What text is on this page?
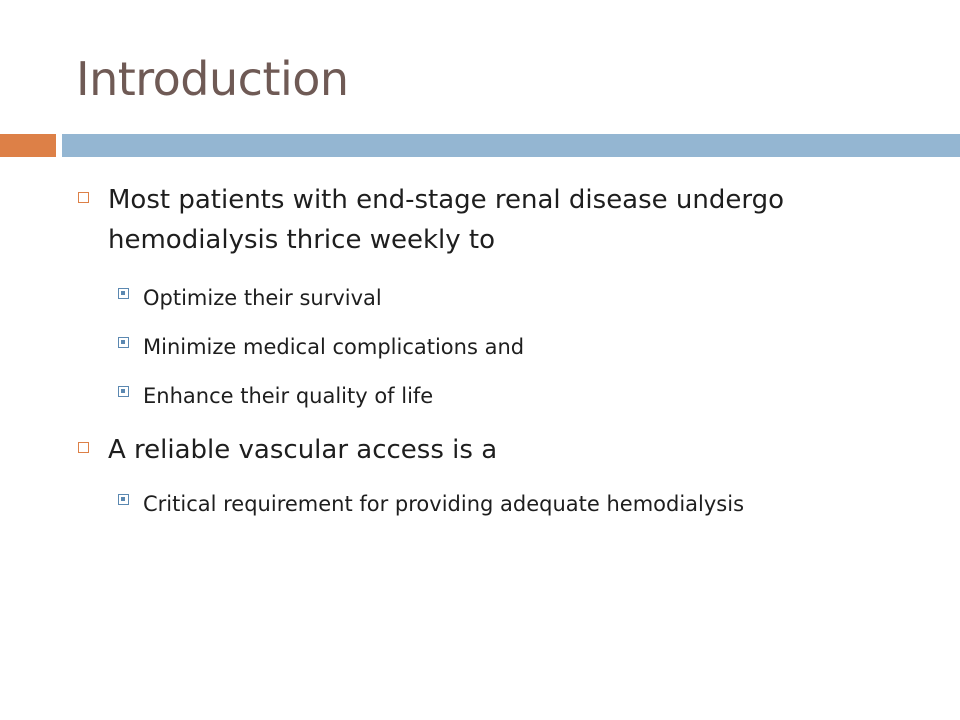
Introduction
Most patients with end-stage renal disease undergo hemodialysis thrice weekly to
Optimize their survival
Minimize medical complications and
Enhance their quality of life
A reliable vascular access is a
Critical requirement for providing adequate hemodialysis
